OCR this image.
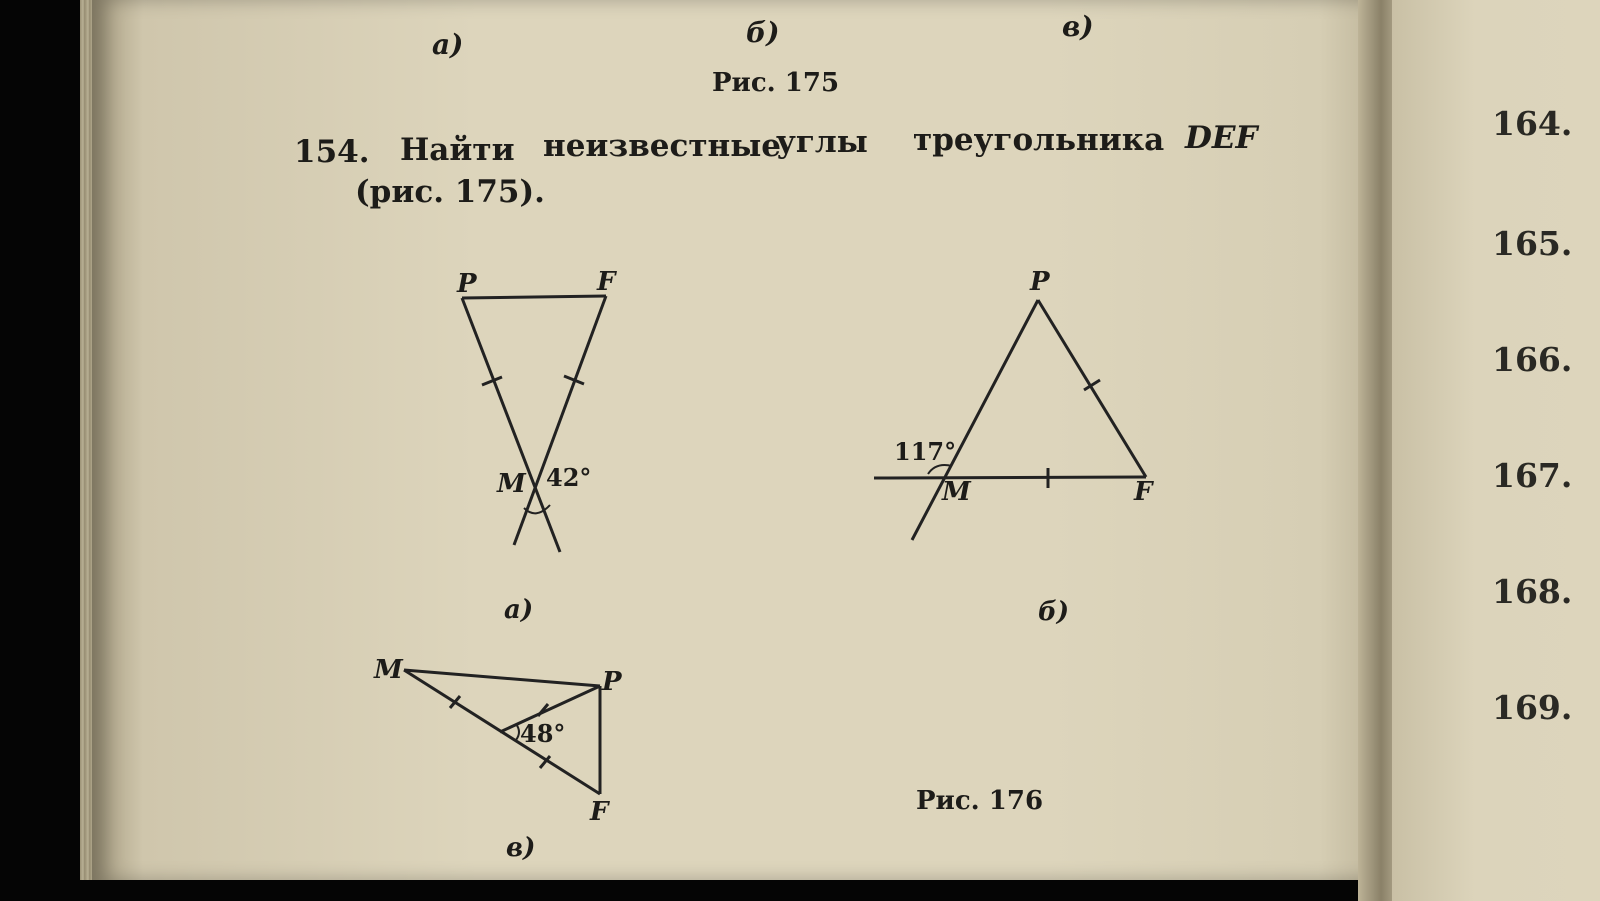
а)	б)	в)
Рис. 175
154. Найти неизвестные
углы треугольника DEF
(рис. 175).
164.
165.
166.
167.
168.
169.
P	F
M 42°
а)
P
M	F
117°
б)
M	P
F
48°
в)
Рис. 176
